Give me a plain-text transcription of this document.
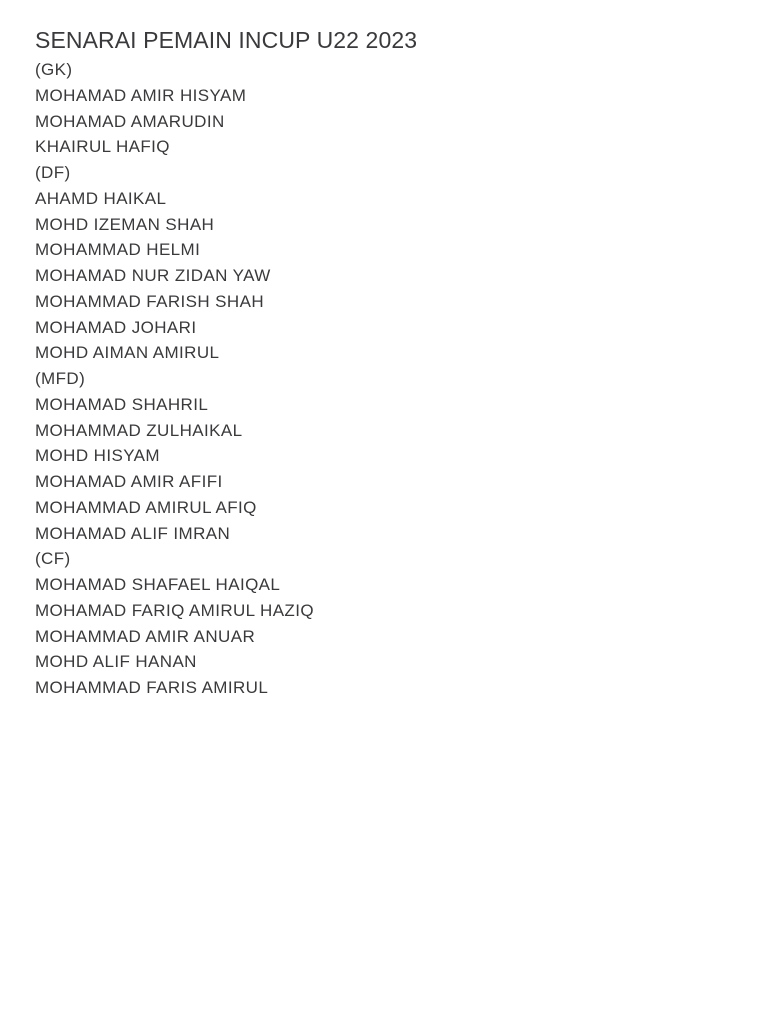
SENARAI PEMAIN INCUP U22 2023
(GK)
MOHAMAD AMIR HISYAM
MOHAMAD AMARUDIN
KHAIRUL HAFIQ
(DF)
AHAMD HAIKAL
MOHD IZEMAN SHAH
MOHAMMAD HELMI
MOHAMAD NUR ZIDAN YAW
MOHAMMAD FARISH SHAH
MOHAMAD JOHARI
MOHD AIMAN AMIRUL
(MFD)
MOHAMAD SHAHRIL
MOHAMMAD ZULHAIKAL
MOHD HISYAM
MOHAMAD AMIR AFIFI
MOHAMMAD AMIRUL AFIQ
MOHAMAD ALIF IMRAN
(CF)
MOHAMAD SHAFAEL HAIQAL
MOHAMAD FARIQ AMIRUL HAZIQ
MOHAMMAD AMIR ANUAR
MOHD ALIF HANAN
MOHAMMAD FARIS AMIRUL
